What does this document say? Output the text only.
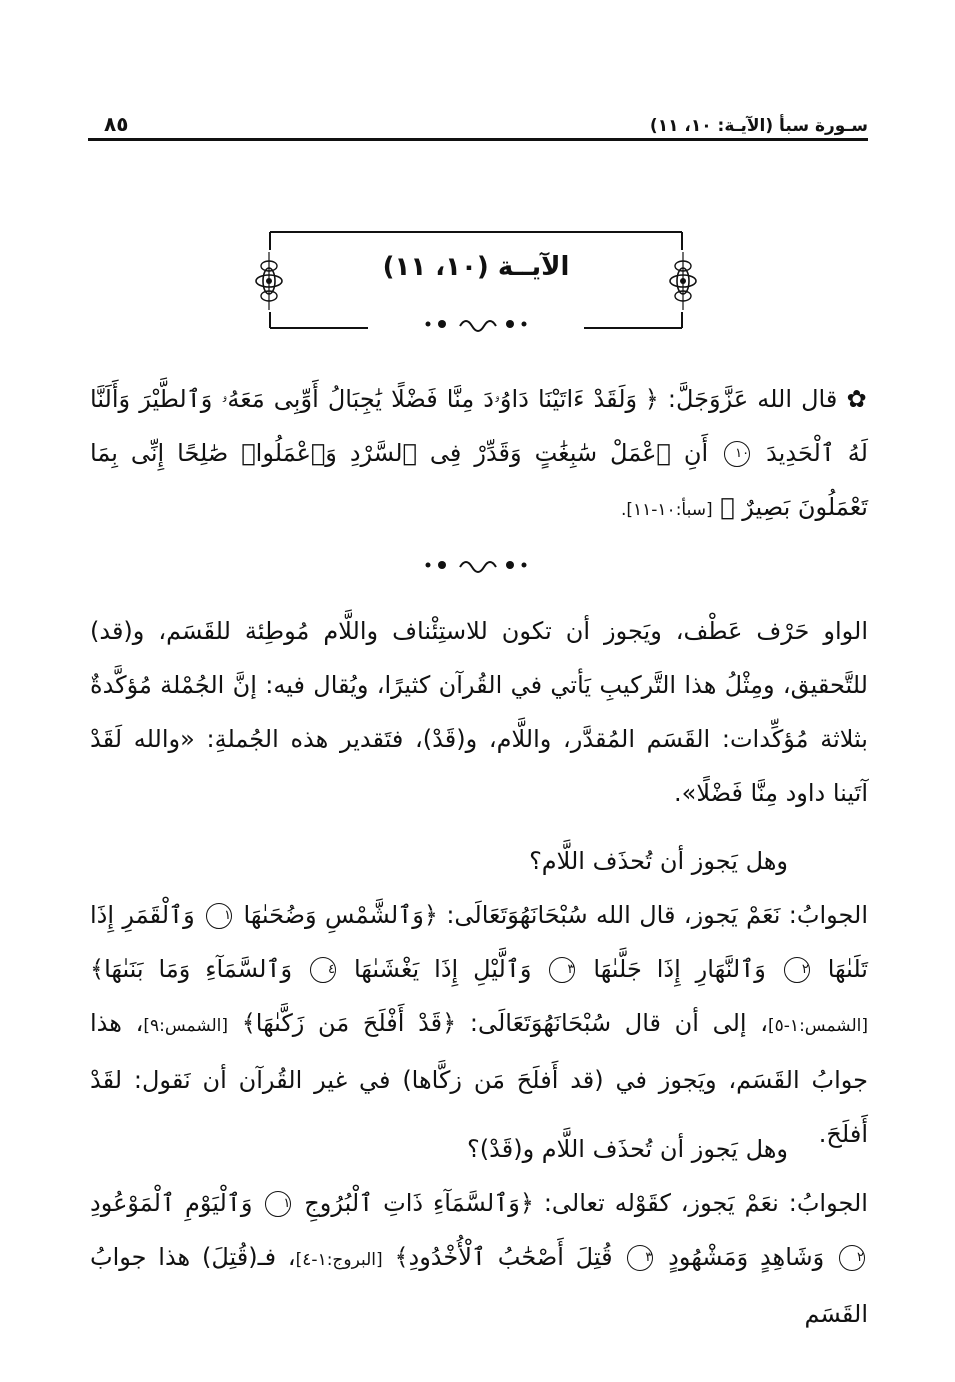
سـورة سبأ (الآيـة: ١٠، ١١)
٨٥
الآيــة (١٠، ١١)
✿ قال الله عَزَّوَجَلَّ: ﴿ وَلَقَدْ ءَاتَيْنَا دَاوُۥدَ مِنَّا فَضْلًا يَٰجِبَالُ أَوِّبِى مَعَهُۥ وَٱلطَّيْرَ وَأَلَنَّا لَهُ ٱلْحَدِيدَ ١٠ أَنِ ٱعْمَلْ سَٰبِغَٰتٍ وَقَدِّرْ فِى ٱلسَّرْدِ وَٱعْمَلُوا۟ صَٰلِحًا إِنِّى بِمَا تَعْمَلُونَ بَصِيرٌ ﴾ [سبأ:١٠-١١].
الواو حَرْف عَطْف، ويَجوز أن تكون للاستِئْناف واللَّام مُوطِئة للقَسَم، و(قد) للتَّحقيق، ومِثْلُ هذا التَّركيبِ يَأتي في القُرآن كثيرًا، ويُقال فيه: إنَّ الجُمْلة مُؤكَّدةٌ بثلاثة مُؤكِّدات: القَسَم المُقدَّر، واللَّام، و(قَدْ)، فتَقدير هذه الجُملةِ: «والله لَقَدْ آتَينا داود مِنَّا فَضْلًا».
وهل يَجوز أن تُحذَف اللَّام؟
الجوابُ: نَعَمْ يَجوز، قال الله سُبْحَانَهُوَتَعَالَى: ﴿وَٱلشَّمْسِ وَضُحَىٰهَا ١ وَٱلْقَمَرِ إِذَا تَلَىٰهَا ٢ وَٱلنَّهَارِ إِذَا جَلَّىٰهَا ٣ وَٱلَّيْلِ إِذَا يَغْشَىٰهَا ٤ وَٱلسَّمَآءِ وَمَا بَنَىٰهَا﴾ [الشمس:١-٥]، إلى أن قال سُبْحَانَهُوَتَعَالَى: ﴿قَدْ أَفْلَحَ مَن زَكَّىٰهَا﴾ [الشمس:٩]، هذا جوابُ القَسَم، ويَجوز في (قد أَفلَحَ مَن زكَّاها) في غير القُرآن أن نَقول: لقَدْ أَفلَحَ.
وهل يَجوز أن تُحذَف اللَّام و(قَدْ)؟
الجوابُ: نعَمْ يَجوز، كقَوْله تعالى: ﴿وَٱلسَّمَآءِ ذَاتِ ٱلْبُرُوجِ ١ وَٱلْيَوْمِ ٱلْمَوْعُودِ ٢ وَشَاهِدٍ وَمَشْهُودٍ ٣ قُتِلَ أَصْحَٰبُ ٱلْأُخْدُودِ﴾ [البروج:١-٤]، فـ(قُتِلَ) هذا جوابُ القَسَم
